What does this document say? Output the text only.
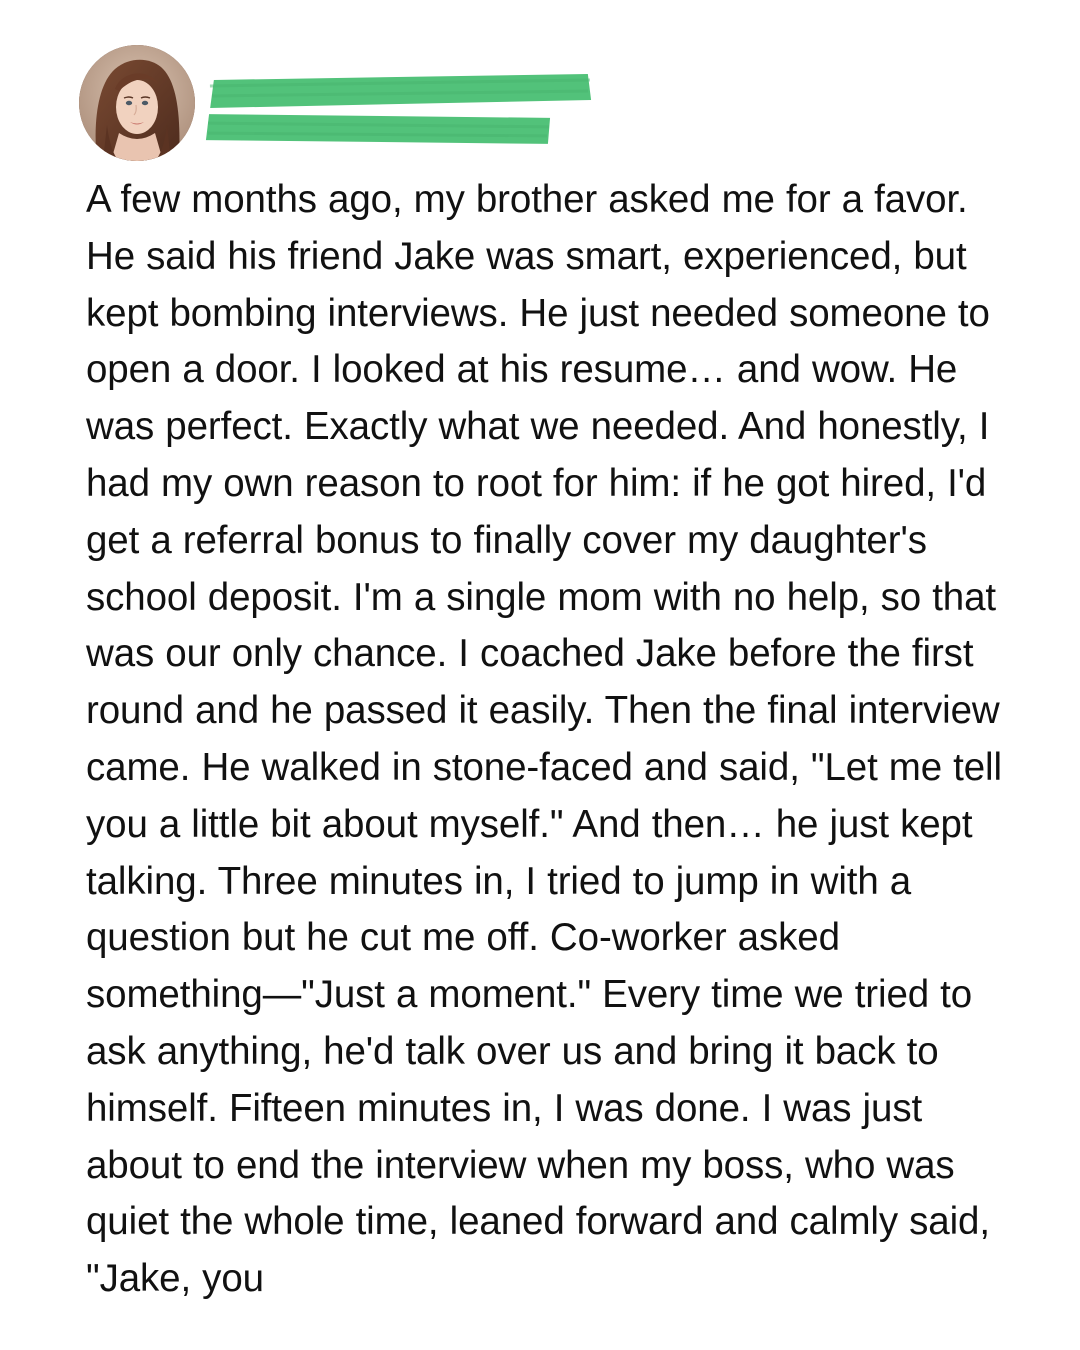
A few months ago, my brother asked me for a favor. He said his friend Jake was smart, experienced, but kept bombing interviews. He just needed someone to open a door. I looked at his resume… and wow. He was perfect. Exactly what we needed. And honestly, I had my own reason to root for him: if he got hired, I'd get a referral bonus to finally cover my daughter's school deposit. I'm a single mom with no help, so that was our only chance. I coached Jake before the first round and he passed it easily. Then the final interview came. He walked in stone-faced and said, "Let me tell you a little bit about myself." And then… he just kept talking. Three minutes in, I tried to jump in with a question but he cut me off. Co-worker asked something—"Just a moment." Every time we tried to ask anything, he'd talk over us and bring it back to himself. Fifteen minutes in, I was done. I was just about to end the interview when my boss, who was quiet the whole time, leaned forward and calmly said, "Jake, you
